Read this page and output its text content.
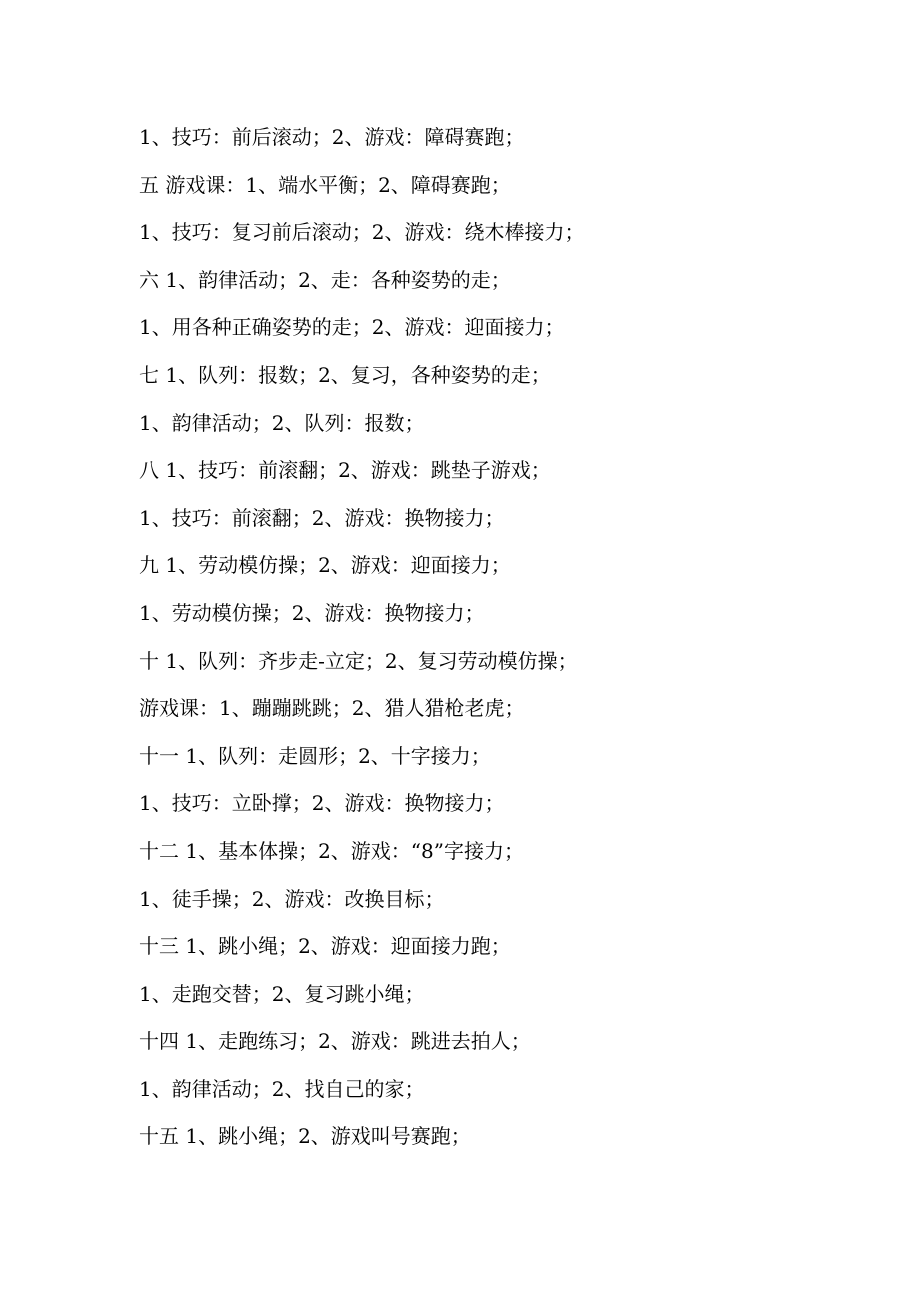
1、技巧：前后滚动；2、游戏：障碍赛跑；
五 游戏课：1、端水平衡；2、障碍赛跑；
1、技巧：复习前后滚动；2、游戏：绕木棒接力；
六 1、韵律活动；2、走：各种姿势的走；
1、用各种正确姿势的走；2、游戏：迎面接力；
七 1、队列：报数；2、复习，各种姿势的走；
1、韵律活动；2、队列：报数；
八 1、技巧：前滚翻；2、游戏：跳垫子游戏；
1、技巧：前滚翻；2、游戏：换物接力；
九 1、劳动模仿操；2、游戏：迎面接力；
1、劳动模仿操；2、游戏：换物接力；
十 1、队列：齐步走-立定；2、复习劳动模仿操；
游戏课：1、蹦蹦跳跳；2、猎人猎枪老虎；
十一 1、队列：走圆形；2、十字接力；
1、技巧：立卧撑；2、游戏：换物接力；
十二 1、基本体操；2、游戏：“8”字接力；
1、徒手操；2、游戏：改换目标；
十三 1、跳小绳；2、游戏：迎面接力跑；
1、走跑交替；2、复习跳小绳；
十四 1、走跑练习；2、游戏：跳进去拍人；
1、韵律活动；2、找自己的家；
十五 1、跳小绳；2、游戏叫号赛跑；
